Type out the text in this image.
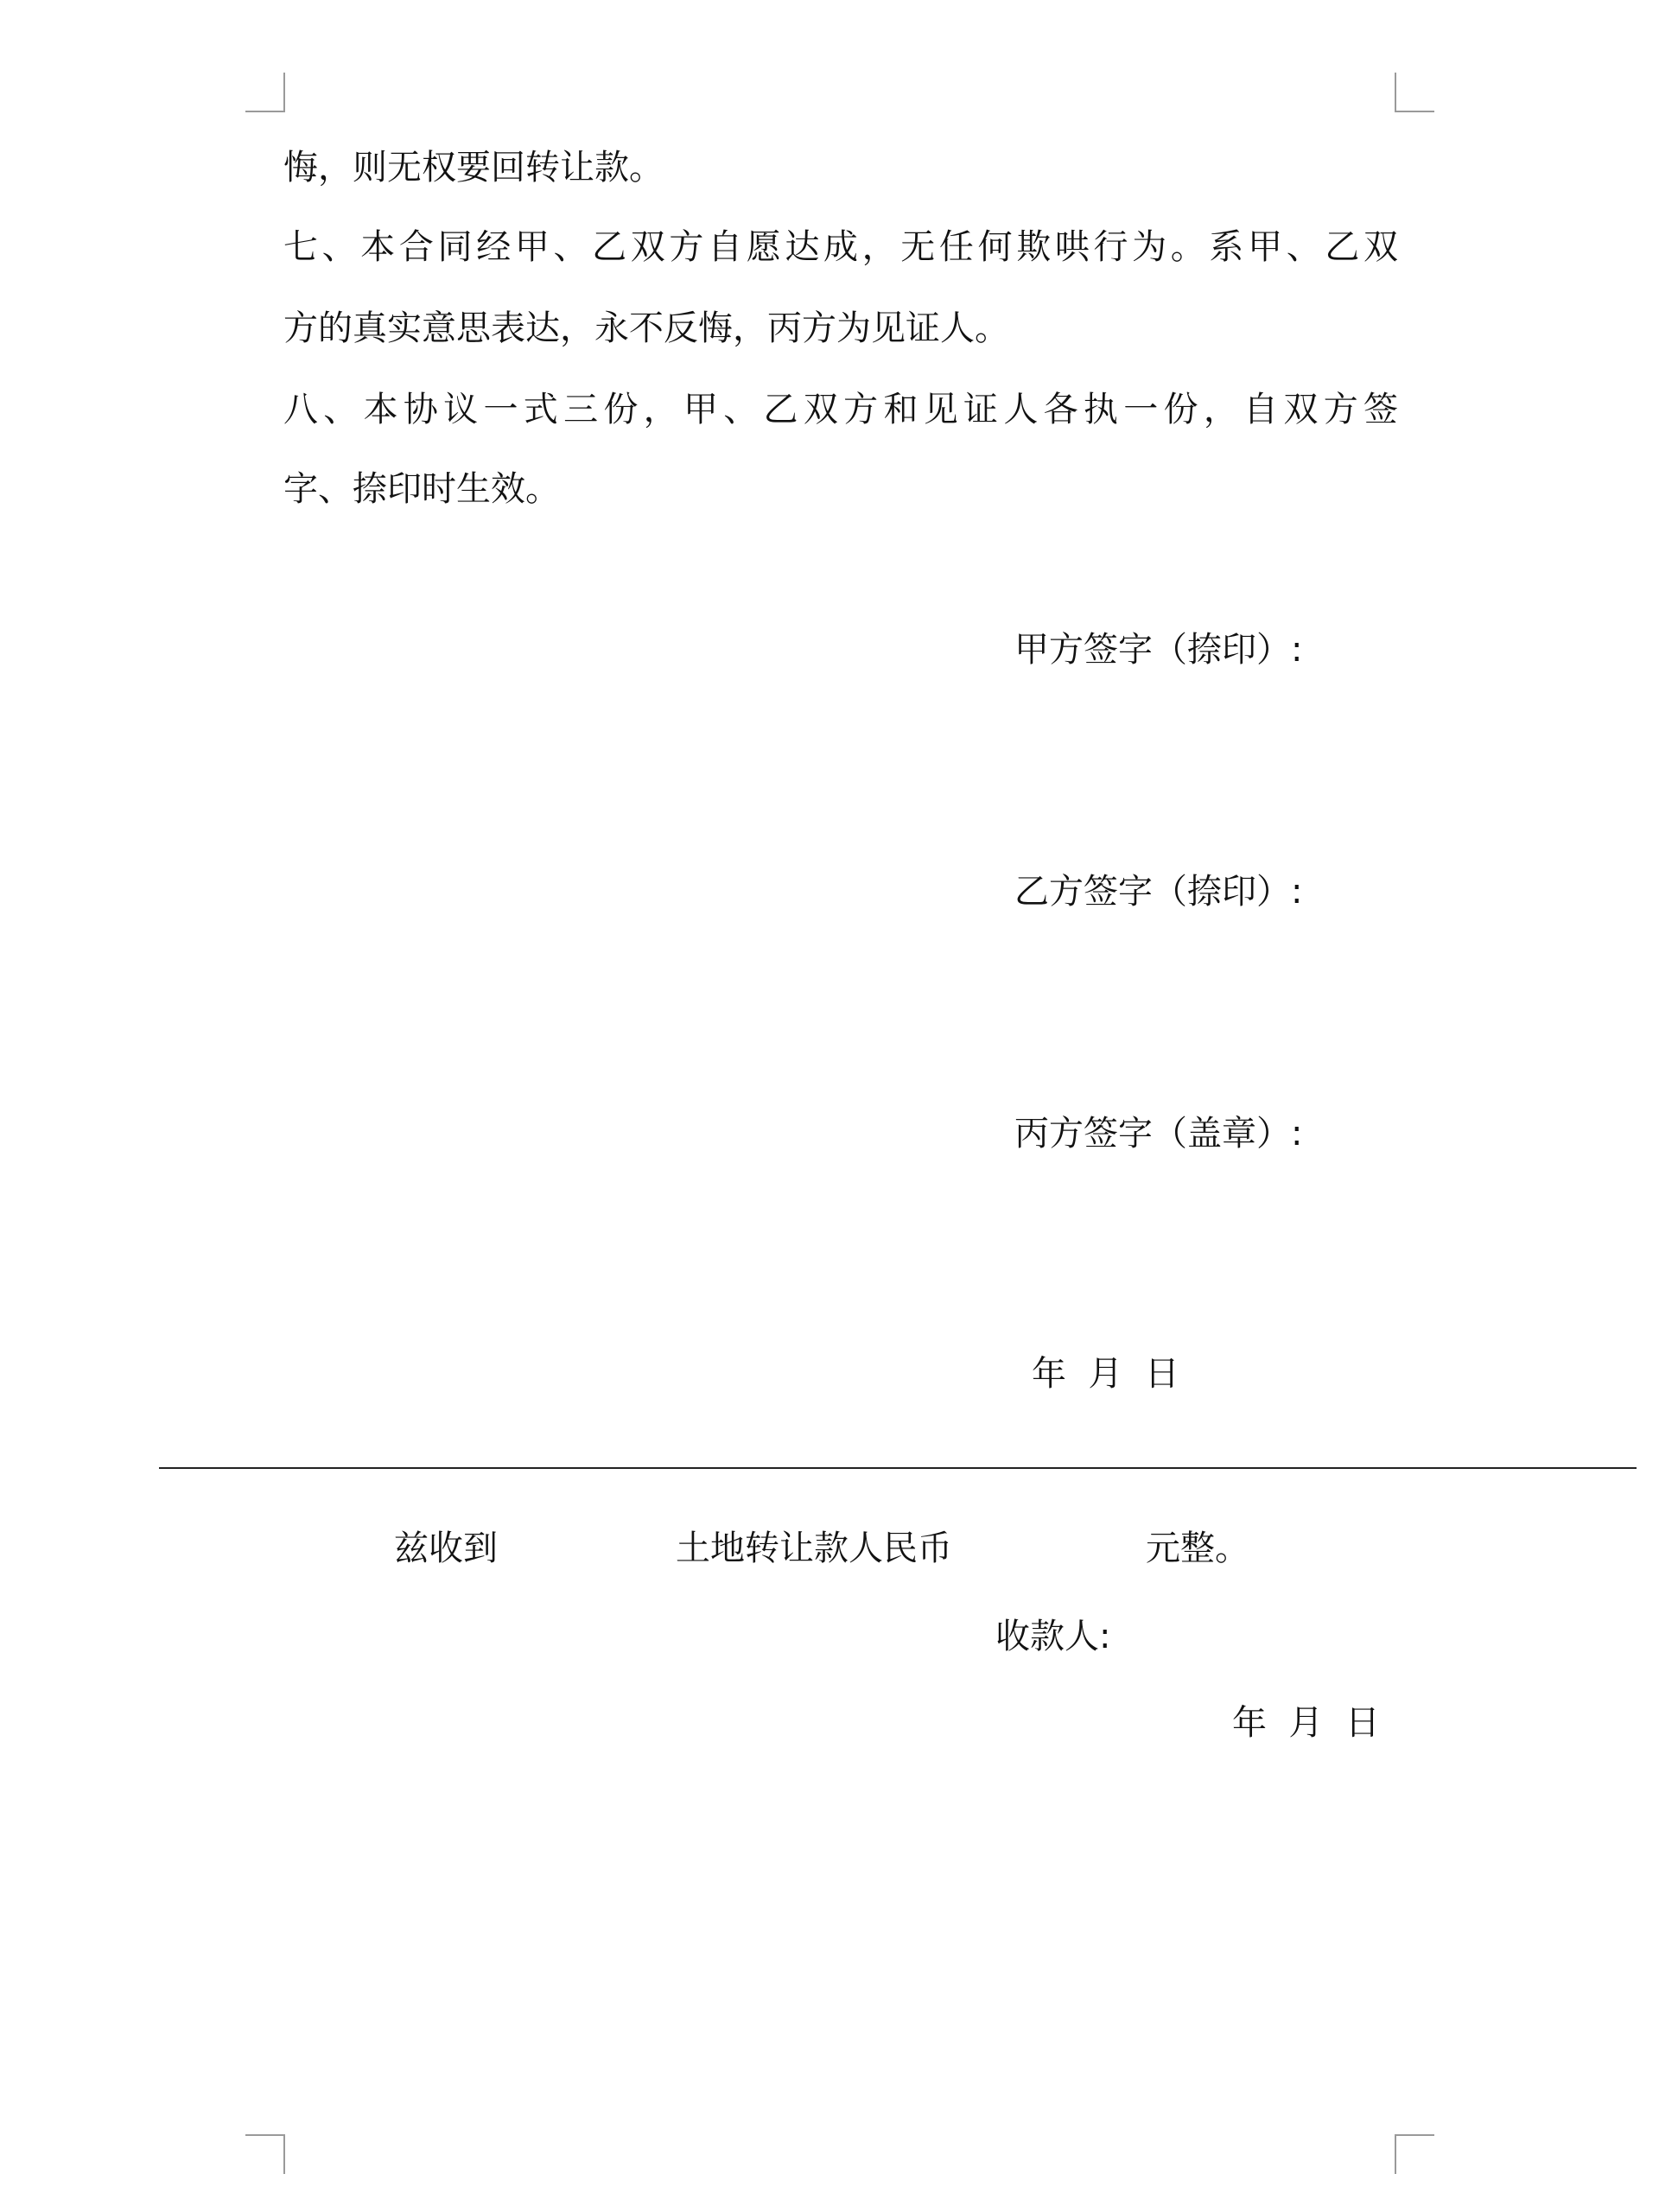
悔，则无权要回转让款。
七、本合同经甲、乙双方自愿达成，无任何欺哄行为。系甲、乙双
方的真实意思表达，永不反悔，丙方为见证人。
八、本协议一式三份，甲、乙双方和见证人各执一份，自双方签
字、捺印时生效。
甲方签字（捺印）:
乙方签字（捺印）:
丙方签字（盖章）:
年  月  日
兹收到	土地转让款人民币	元整。
收款人:
年  月  日
